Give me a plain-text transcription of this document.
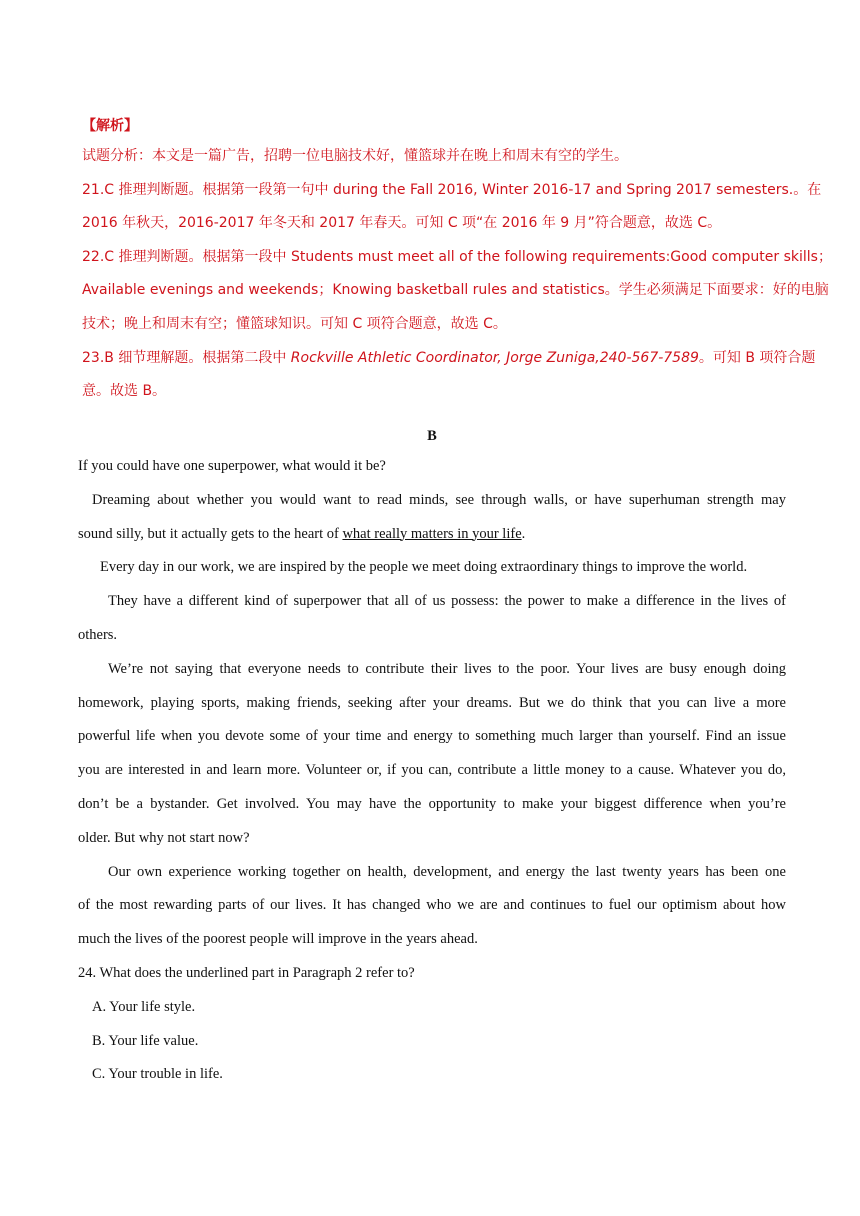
【解析】
试题分析：本文是一篇广告，招聘一位电脑技术好，懂篮球并在晚上和周末有空的学生。
21.C 推理判断题。根据第一段第一句中 during the Fall 2016, Winter 2016-17 and Spring 2017 semesters.。在
2016 年秋天，2016-2017 年冬天和 2017 年春天。可知 C 项“在 2016 年 9 月”符合题意，故选 C。
22.C 推理判断题。根据第一段中 Students must meet all of the following requirements:Good computer skills；
Available evenings and weekends；Knowing basketball rules and statistics。学生必须满足下面要求：好的电脑
技术；晚上和周末有空；懂篮球知识。可知 C 项符合题意，故选 C。
23.B 细节理解题。根据第二段中 Rockville Athletic Coordinator, Jorge Zuniga,240-567-7589。可知 B 项符合题
意。故选 B。
B
If you could have one superpower, what would it be?
Dreaming about whether you would want to read minds, see through walls, or have superhuman strength may
sound silly, but it actually gets to the heart of what really matters in your life.
Every day in our work, we are inspired by the people we meet doing extraordinary things to improve the world.
They have a different kind of superpower that all of us possess: the power to make a difference in the lives of
others.
We’re not saying that everyone needs to contribute their lives to the poor. Your lives are busy enough doing
homework, playing sports, making friends, seeking after your dreams. But we do think that you can live a more
powerful life when you devote some of your time and energy to something much larger than yourself. Find an issue
you are interested in and learn more. Volunteer or, if you can, contribute a little money to a cause. Whatever you do,
don’t be a bystander. Get involved. You may have the opportunity to make your biggest difference when you’re
older. But why not start now?
Our own experience working together on health, development, and energy the last twenty years has been one
of the most rewarding parts of our lives. It has changed who we are and continues to fuel our optimism about how
much the lives of the poorest people will improve in the years ahead.
24. What does the underlined part in Paragraph 2 refer to?
A. Your life style.
B. Your life value.
C. Your trouble in life.
